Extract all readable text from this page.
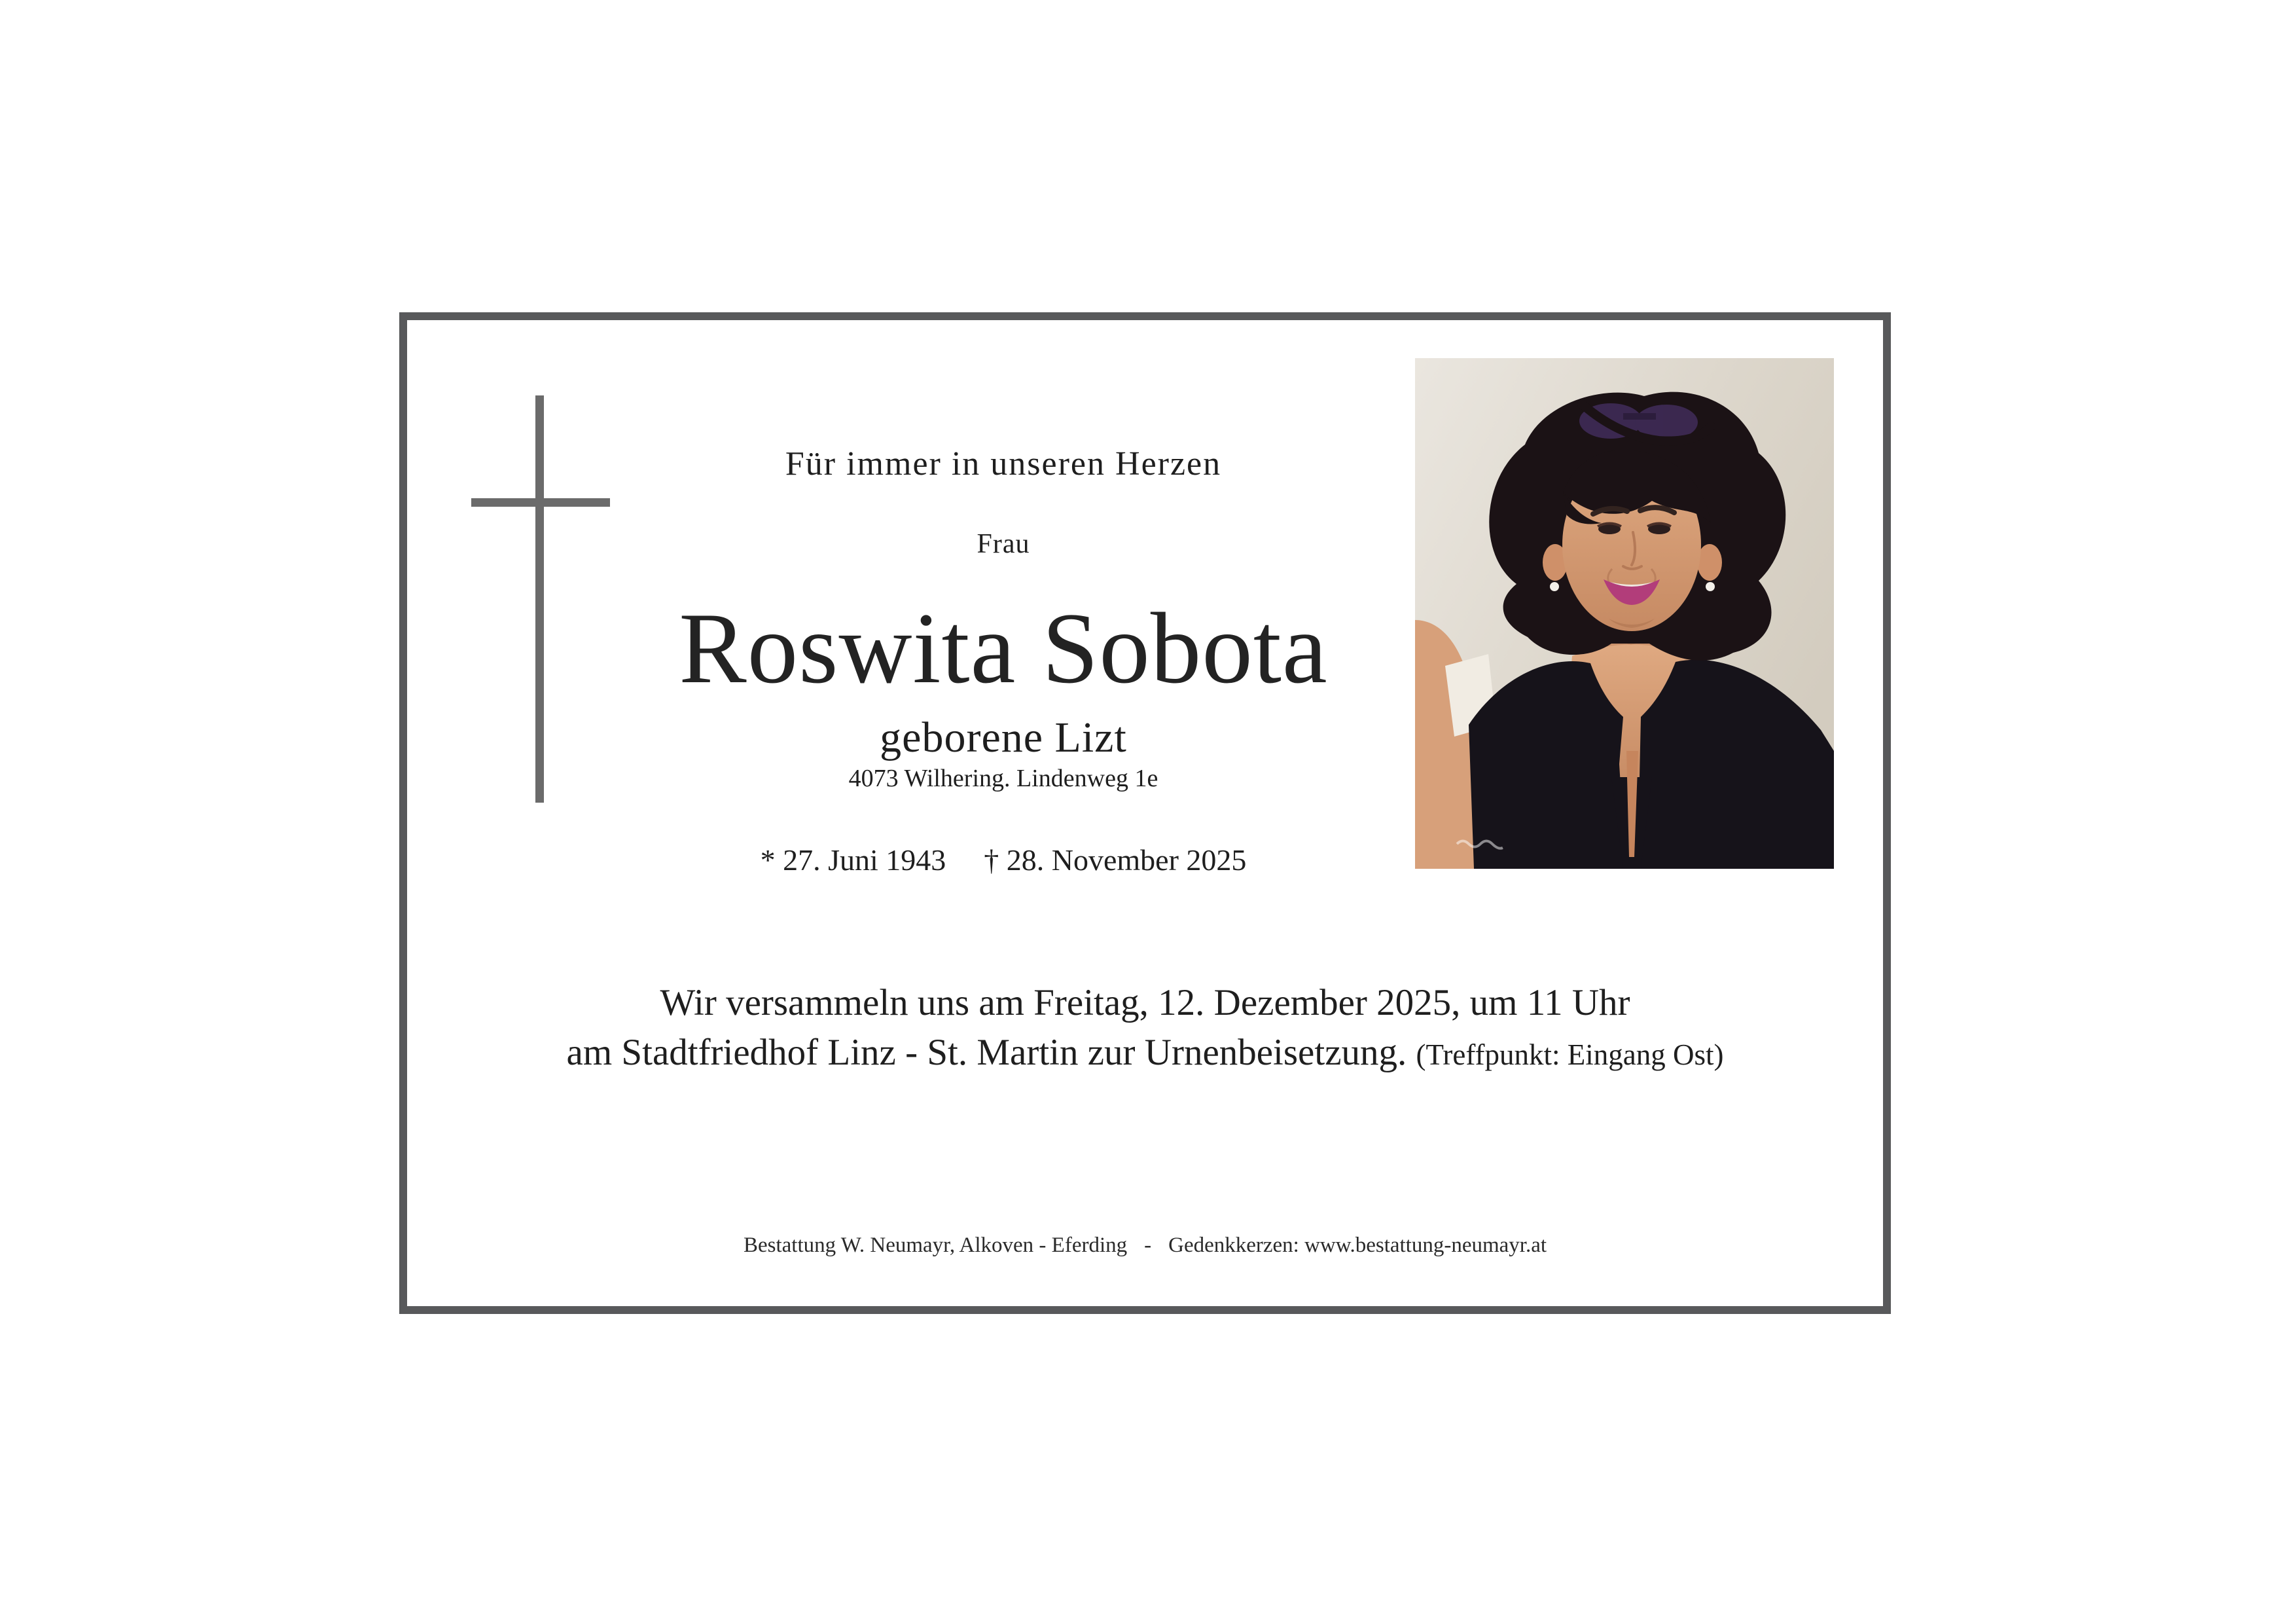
Für immer in unseren Herzen
Frau
Roswita Sobota
geborene Lizt
4073 Wilhering. Lindenweg 1e
* 27. Juni 1943 † 28. November 2025
Wir versammeln uns am Freitag, 12. Dezember 2025, um 11 Uhr
am Stadtfriedhof Linz - St. Martin zur Urnenbeisetzung. (Treffpunkt: Eingang Ost)
Bestattung W. Neumayr, Alkoven - Eferding - Gedenkkerzen: www.bestattung-neumayr.at
